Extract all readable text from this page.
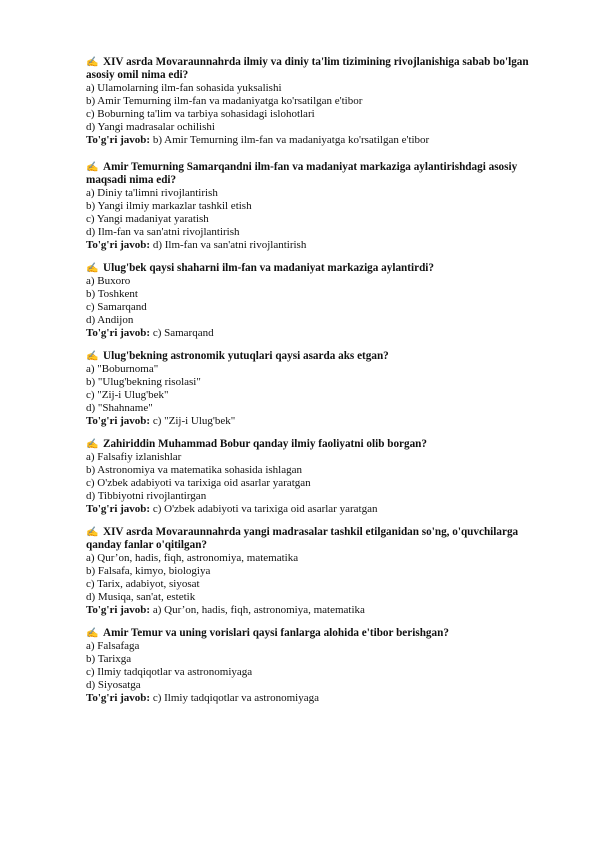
✍ XIV asrda Movaraunnahrda ilmiy va diniy ta'lim tizimining rivojlanishiga sabab bo'lgan asosiy omil nima edi?
a) Ulamolarning ilm-fan sohasida yuksalishi
b) Amir Temurning ilm-fan va madaniyatga ko'rsatilgan e'tibor
c) Boburning ta'lim va tarbiya sohasidagi islohotlari
d) Yangi madrasalar ochilishi
To'g'ri javob: b) Amir Temurning ilm-fan va madaniyatga ko'rsatilgan e'tibor
✍ Amir Temurning Samarqandni ilm-fan va madaniyat markaziga aylantirishdagi asosiy maqsadi nima edi?
a) Diniy ta'limni rivojlantirish
b) Yangi ilmiy markazlar tashkil etish
c) Yangi madaniyat yaratish
d) Ilm-fan va san'atni rivojlantirish
To'g'ri javob: d) Ilm-fan va san'atni rivojlantirish
✍ Ulug'bek qaysi shaharni ilm-fan va madaniyat markaziga aylantirdi?
a) Buxoro
b) Toshkent
c) Samarqand
d) Andijon
To'g'ri javob: c) Samarqand
✍ Ulug'bekning astronomik yutuqlari qaysi asarda aks etgan?
a) "Boburnoma"
b) "Ulug'bekning risolasi"
c) "Zij-i Ulug'bek"
d) "Shahname"
To'g'ri javob: c) "Zij-i Ulug'bek"
✍ Zahiriddin Muhammad Bobur qanday ilmiy faoliyatni olib borgan?
a) Falsafiy izlanishlar
b) Astronomiya va matematika sohasida ishlagan
c) O'zbek adabiyoti va tarixiga oid asarlar yaratgan
d) Tibbiyotni rivojlantirgan
To'g'ri javob: c) O'zbek adabiyoti va tarixiga oid asarlar yaratgan
✍ XIV asrda Movaraunnahrda yangi madrasalar tashkil etilganidan so'ng, o'quvchilarga qanday fanlar o'qitilgan?
a) Qur’on, hadis, fiqh, astronomiya, matematika
b) Falsafa, kimyo, biologiya
c) Tarix, adabiyot, siyosat
d) Musiqa, san'at, estetik
To'g'ri javob: a) Qur’on, hadis, fiqh, astronomiya, matematika
✍ Amir Temur va uning vorislari qaysi fanlarga alohida e'tibor berishgan?
a) Falsafaga
b) Tarixga
c) Ilmiy tadqiqotlar va astronomiyaga
d) Siyosatga
To'g'ri javob: c) Ilmiy tadqiqotlar va astronomiyaga
